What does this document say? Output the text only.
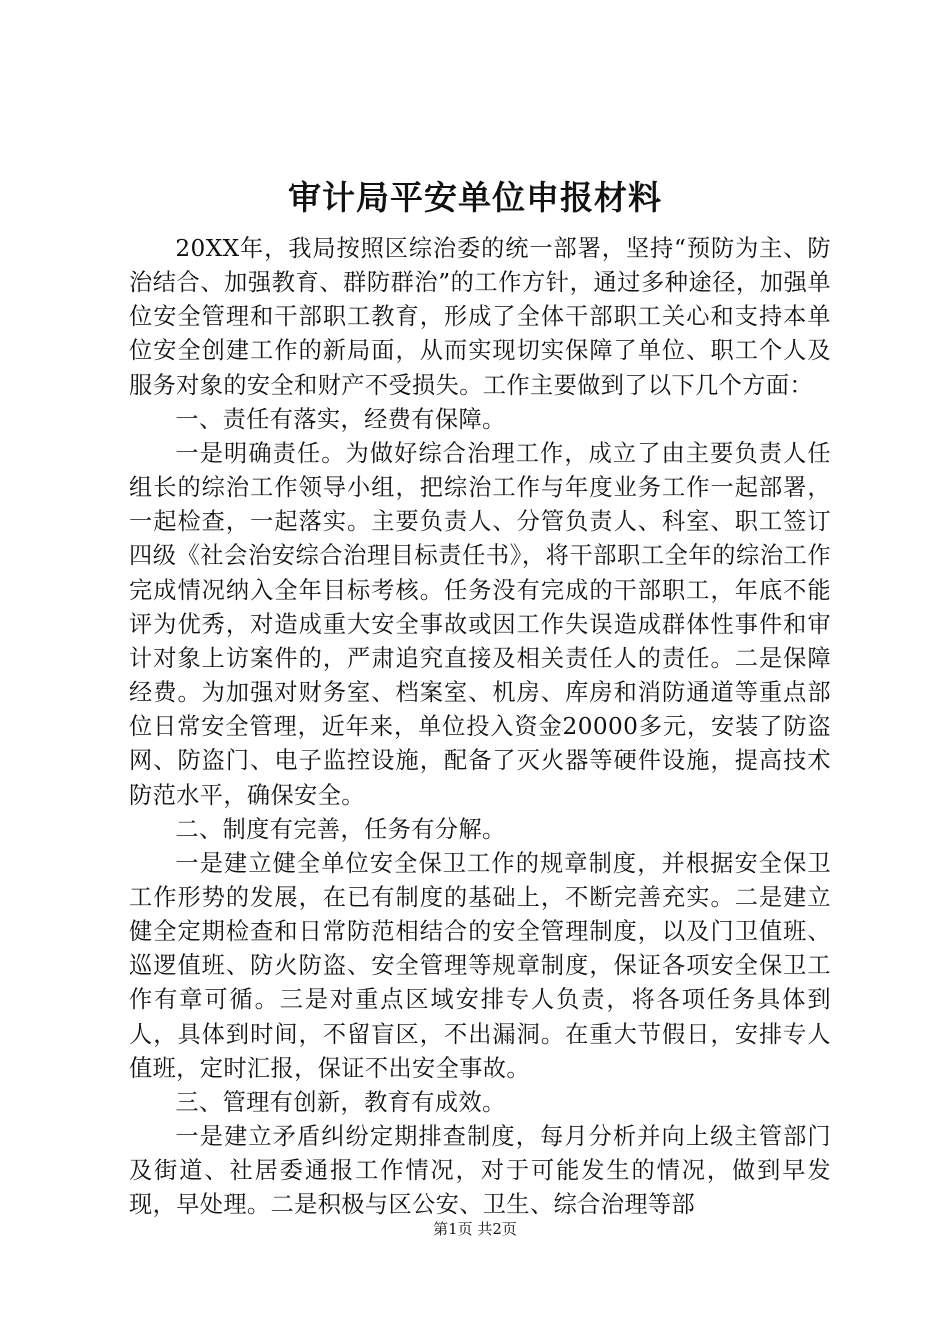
审计局平安单位申报材料

20XX年，我局按照区综治委的统一部署，坚持“预防为主、防治结合、加强教育、群防群治”的工作方针，通过多种途径，加强单位安全管理和干部职工教育，形成了全体干部职工关心和支持本单位安全创建工作的新局面，从而实现切实保障了单位、职工个人及服务对象的安全和财产不受损失。工作主要做到了以下几个方面：

一、责任有落实，经费有保障。

一是明确责任。为做好综合治理工作，成立了由主要负责人任组长的综治工作领导小组，把综治工作与年度业务工作一起部署，一起检查，一起落实。主要负责人、分管负责人、科室、职工签订四级《社会治安综合治理目标责任书》，将干部职工全年的综治工作完成情况纳入全年目标考核。任务没有完成的干部职工，年底不能评为优秀，对造成重大安全事故或因工作失误造成群体性事件和审计对象上访案件的，严肃追究直接及相关责任人的责任。二是保障经费。为加强对财务室、档案室、机房、库房和消防通道等重点部位日常安全管理，近年来，单位投入资金20000多元，安装了防盗网、防盗门、电子监控设施，配备了灭火器等硬件设施，提高技术防范水平，确保安全。

二、制度有完善，任务有分解。

一是建立健全单位安全保卫工作的规章制度，并根据安全保卫工作形势的发展，在已有制度的基础上，不断完善充实。二是建立健全定期检查和日常防范相结合的安全管理制度，以及门卫值班、巡逻值班、防火防盗、安全管理等规章制度，保证各项安全保卫工作有章可循。三是对重点区域安排专人负责，将各项任务具体到人，具体到时间，不留盲区，不出漏洞。在重大节假日，安排专人值班，定时汇报，保证不出安全事故。

三、管理有创新，教育有成效。

一是建立矛盾纠纷定期排查制度，每月分析并向上级主管部门及街道、社居委通报工作情况，对于可能发生的情况，做到早发现，早处理。二是积极与区公安、卫生、综合治理等部

第1页 共2页
